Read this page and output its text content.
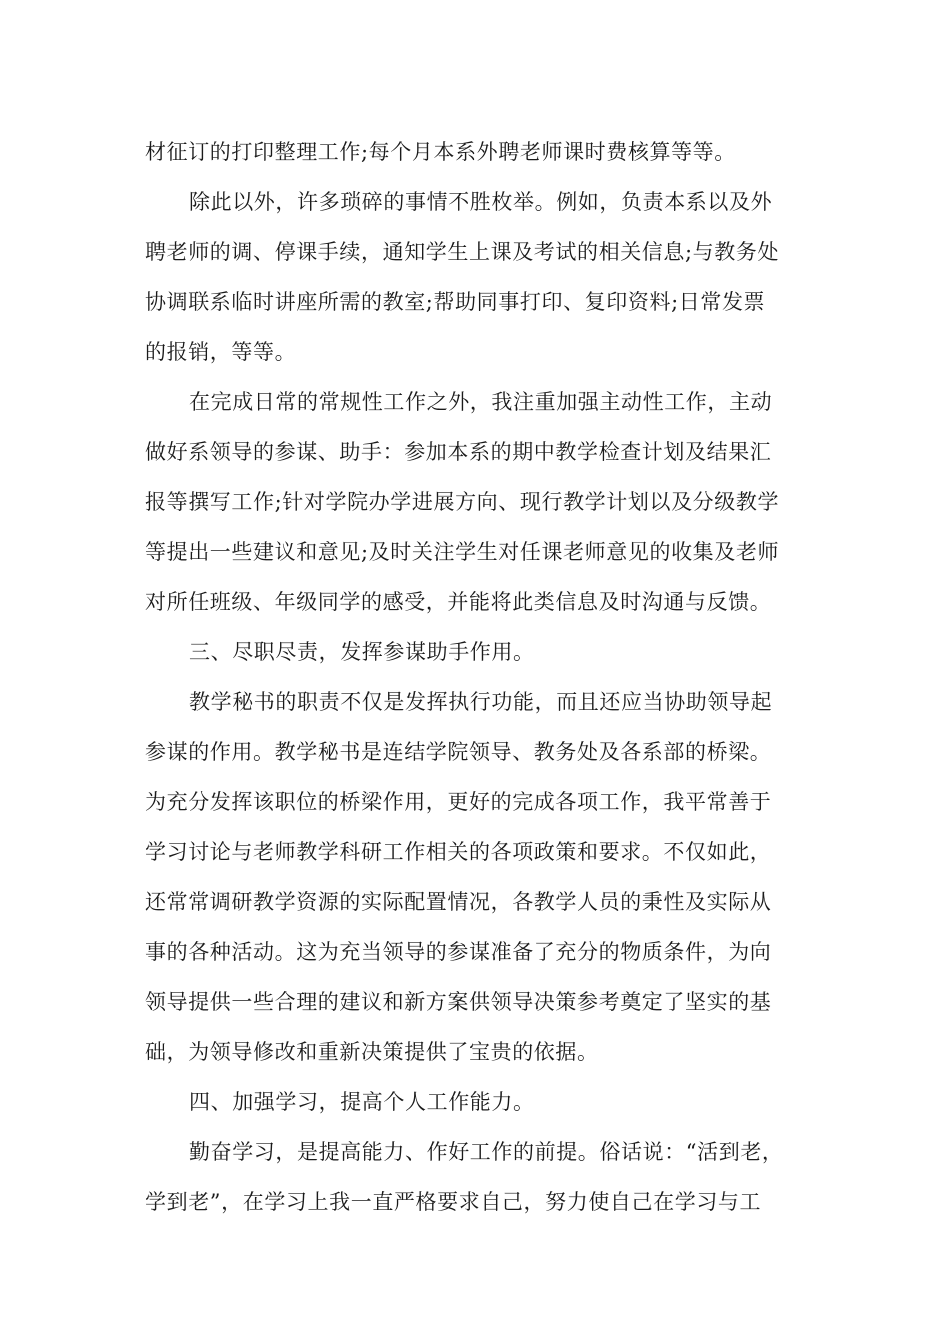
材征订的打印整理工作;每个月本系外聘老师课时费核算等等。
除此以外，许多琐碎的事情不胜枚举。例如，负责本系以及外
聘老师的调、停课手续，通知学生上课及考试的相关信息;与教务处
协调联系临时讲座所需的教室;帮助同事打印、复印资料;日常发票
的报销，等等。
在完成日常的常规性工作之外，我注重加强主动性工作，主动
做好系领导的参谋、助手：参加本系的期中教学检查计划及结果汇
报等撰写工作;针对学院办学进展方向、现行教学计划以及分级教学
等提出一些建议和意见;及时关注学生对任课老师意见的收集及老师
对所任班级、年级同学的感受，并能将此类信息及时沟通与反馈。
三、尽职尽责，发挥参谋助手作用。
教学秘书的职责不仅是发挥执行功能，而且还应当协助领导起
参谋的作用。教学秘书是连结学院领导、教务处及各系部的桥梁。
为充分发挥该职位的桥梁作用，更好的完成各项工作，我平常善于
学习讨论与老师教学科研工作相关的各项政策和要求。不仅如此，
还常常调研教学资源的实际配置情况，各教学人员的秉性及实际从
事的各种活动。这为充当领导的参谋准备了充分的物质条件，为向
领导提供一些合理的建议和新方案供领导决策参考奠定了坚实的基
础，为领导修改和重新决策提供了宝贵的依据。
四、加强学习，提高个人工作能力。
勤奋学习，是提高能力、作好工作的前提。俗话说：“活到老，
学到老”，在学习上我一直严格要求自己，努力使自己在学习与工
